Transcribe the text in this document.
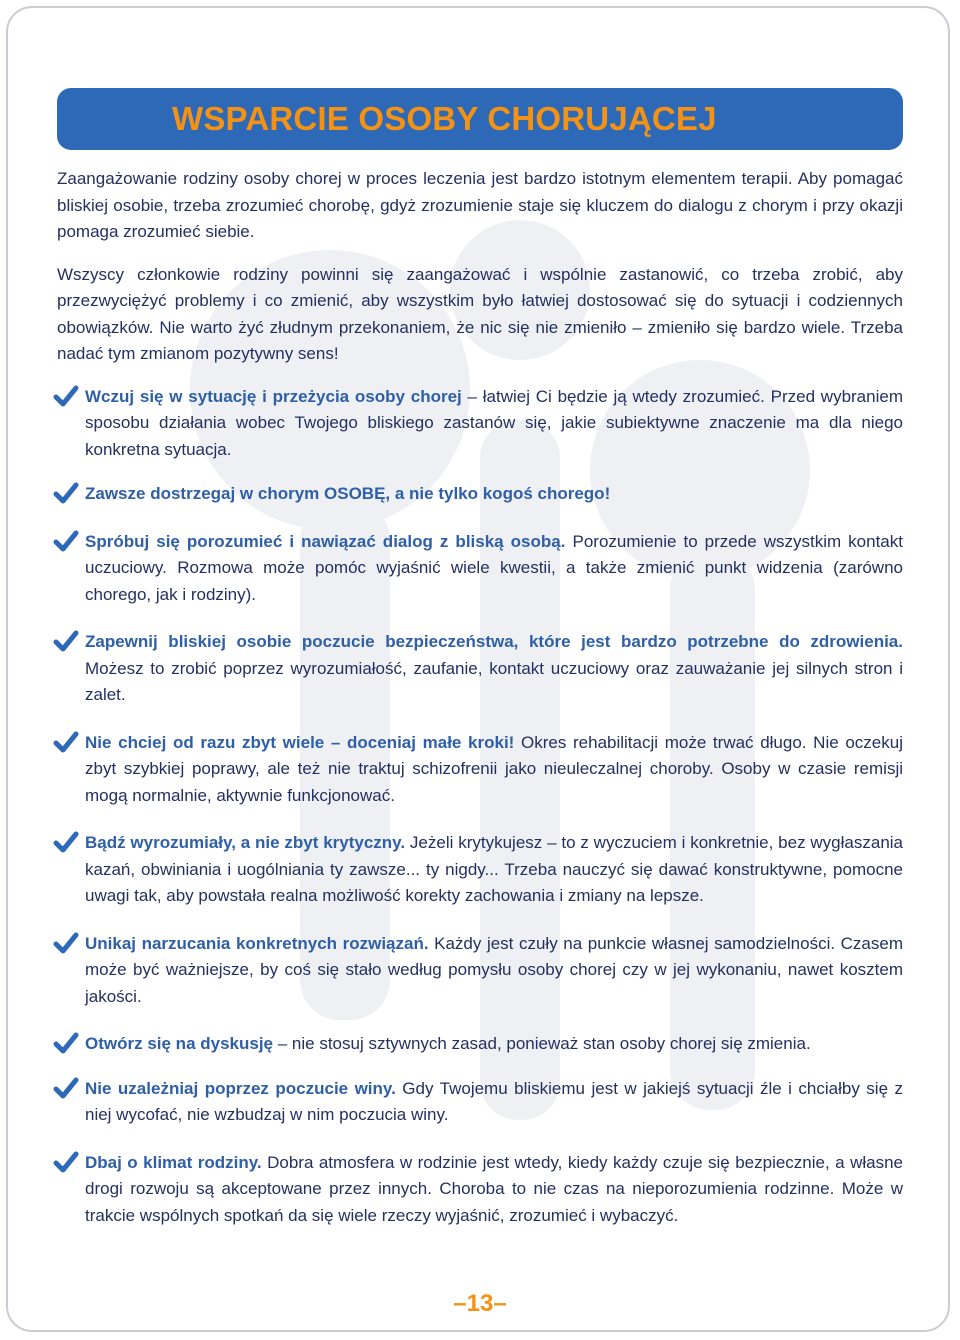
WSPARCIE OSOBY CHORUJĄCEJ

Zaangażowanie rodziny osoby chorej w proces leczenia jest bardzo istotnym elementem terapii. Aby pomagać bliskiej osobie, trzeba zrozumieć chorobę, gdyż zrozumienie staje się kluczem do dialogu z chorym i przy okazji pomaga zrozumieć siebie.

Wszyscy członkowie rodziny powinni się zaangażować i wspólnie zastanowić, co trzeba zrobić, aby przezwyciężyć problemy i co zmienić, aby wszystkim było łatwiej dostosować się do sytuacji i codziennych obowiązków. Nie warto żyć złudnym przekonaniem, że nic się nie zmieniło – zmieniło się bardzo wiele. Trzeba nadać tym zmianom pozytywny sens!

Wczuj się w sytuację i przeżycia osoby chorej – łatwiej Ci będzie ją wtedy zrozumieć. Przed wybraniem sposobu działania wobec Twojego bliskiego zastanów się, jakie subiektywne znaczenie ma dla niego konkretna sytuacja.
Zawsze dostrzegaj w chorym OSOBĘ, a nie tylko kogoś chorego!
Spróbuj się porozumieć i nawiązać dialog z bliską osobą. Porozumienie to przede wszystkim kontakt uczuciowy. Rozmowa może pomóc wyjaśnić wiele kwestii, a także zmienić punkt widzenia (zarówno chorego, jak i rodziny).
Zapewnij bliskiej osobie poczucie bezpieczeństwa, które jest bardzo potrzebne do zdrowienia. Możesz to zrobić poprzez wyrozumiałość, zaufanie, kontakt uczuciowy oraz zauważanie jej silnych stron i zalet.
Nie chciej od razu zbyt wiele – doceniaj małe kroki! Okres rehabilitacji może trwać długo. Nie oczekuj zbyt szybkiej poprawy, ale też nie traktuj schizofrenii jako nieuleczalnej choroby. Osoby w czasie remisji mogą normalnie, aktywnie funkcjonować.
Bądź wyrozumiały, a nie zbyt krytyczny. Jeżeli krytykujesz – to z wyczuciem i konkretnie, bez wygłaszania kazań, obwiniania i uogólniania ty zawsze... ty nigdy... Trzeba nauczyć się dawać konstruktywne, pomocne uwagi tak, aby powstała realna możliwość korekty zachowania i zmiany na lepsze.
Unikaj narzucania konkretnych rozwiązań. Każdy jest czuły na punkcie własnej samodzielności. Czasem może być ważniejsze, by coś się stało według pomysłu osoby chorej czy w jej wykonaniu, nawet kosztem jakości.
Otwórz się na dyskusję – nie stosuj sztywnych zasad, ponieważ stan osoby chorej się zmienia.
Nie uzależniaj poprzez poczucie winy. Gdy Twojemu bliskiemu jest w jakiejś sytuacji źle i chciałby się z niej wycofać, nie wzbudzaj w nim poczucia winy.
Dbaj o klimat rodziny. Dobra atmosfera w rodzinie jest wtedy, kiedy każdy czuje się bezpiecznie, a własne drogi rozwoju są akceptowane przez innych. Choroba to nie czas na nieporozumienia rodzinne. Może w trakcie wspólnych spotkań da się wiele rzeczy wyjaśnić, zrozumieć i wybaczyć.
–13–
